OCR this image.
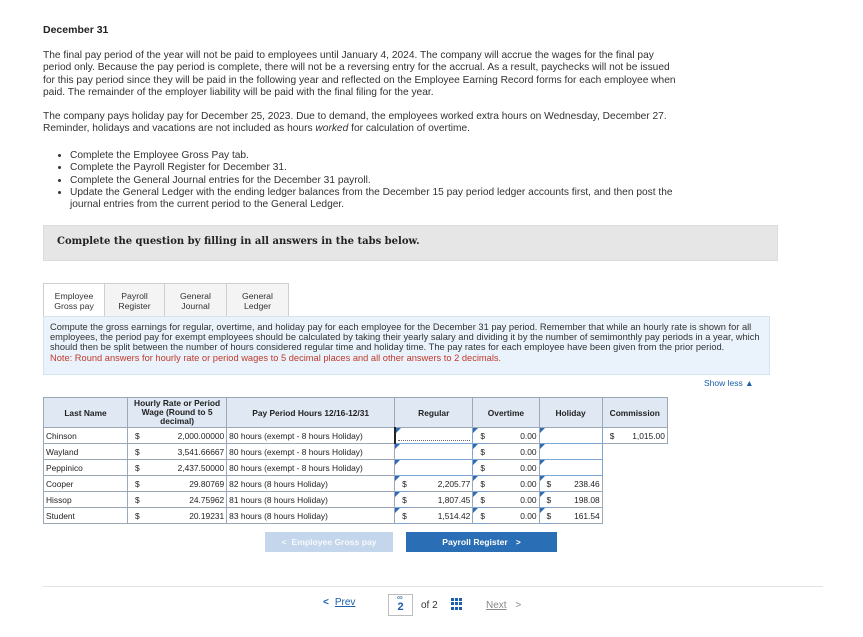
December 31

The final pay period of the year will not be paid to employees until January 4, 2024. The company will accrue the wages for the final pay period only. Because the pay period is complete, there will not be a reversing entry for the accrual. As a result, paychecks will not be issued for this pay period since they will be paid in the following year and reflected on the Employee Earning Record forms for each employee when paid. The remainder of the employer liability will be paid with the final filing for the year.

The company pays holiday pay for December 25, 2023. Due to demand, the employees worked extra hours on Wednesday, December 27. Reminder, holidays and vacations are not included as hours worked for calculation of overtime.

• Complete the Employee Gross Pay tab.
• Complete the Payroll Register for December 31.
• Complete the General Journal entries for the December 31 payroll.
• Update the General Ledger with the ending ledger balances from the December 15 pay period ledger accounts first, and then post the journal entries from the current period to the General Ledger.
Complete the question by filling in all answers in the tabs below.
Employee
Gross pay
Payroll
Register
General
Journal
General
Ledger
Compute the gross earnings for regular, overtime, and holiday pay for each employee for the December 31 pay period. Remember that while an hourly rate is shown for all employees, the period pay for exempt employees should be calculated by taking their yearly salary and dividing it by the number of semimonthly pay periods in a year, which should then be split between the number of hours considered regular time and holiday time. The pay rates for each employee have been given from the prior period.
Note: Round answers for hourly rate or period wages to 5 decimal places and all other answers to 2 decimals.
Show less ▲
Last Name	Hourly Rate or Period Wage (Round to 5 decimal)		Pay Period Hours 12/16-12/31	Regular		Overtime		Holiday		Commission	
Chinson	$	2,000.00000	80 hours (exempt - 8 hours Holiday)			$	0.00			$	1,015.00
Wayland	$	3,541.66667	80 hours (exempt - 8 hours Holiday)			$	0.00				
Peppinico	$	2,437.50000	80 hours (exempt - 8 hours Holiday)			$	0.00				
Cooper	$	29.80769	82 hours (8 hours Holiday)	$	2,205.77	$	0.00	$	238.46		
Hissop	$	24.75962	81 hours (8 hours Holiday)	$	1,807.45	$	0.00	$	198.08		
Student	$	20.19231	83 hours (8 hours Holiday)	$	1,514.42	$	0.00	$	161.54		
< Employee Gross pay	Payroll Register >
< Prev	∞
2	of 2	Next >
